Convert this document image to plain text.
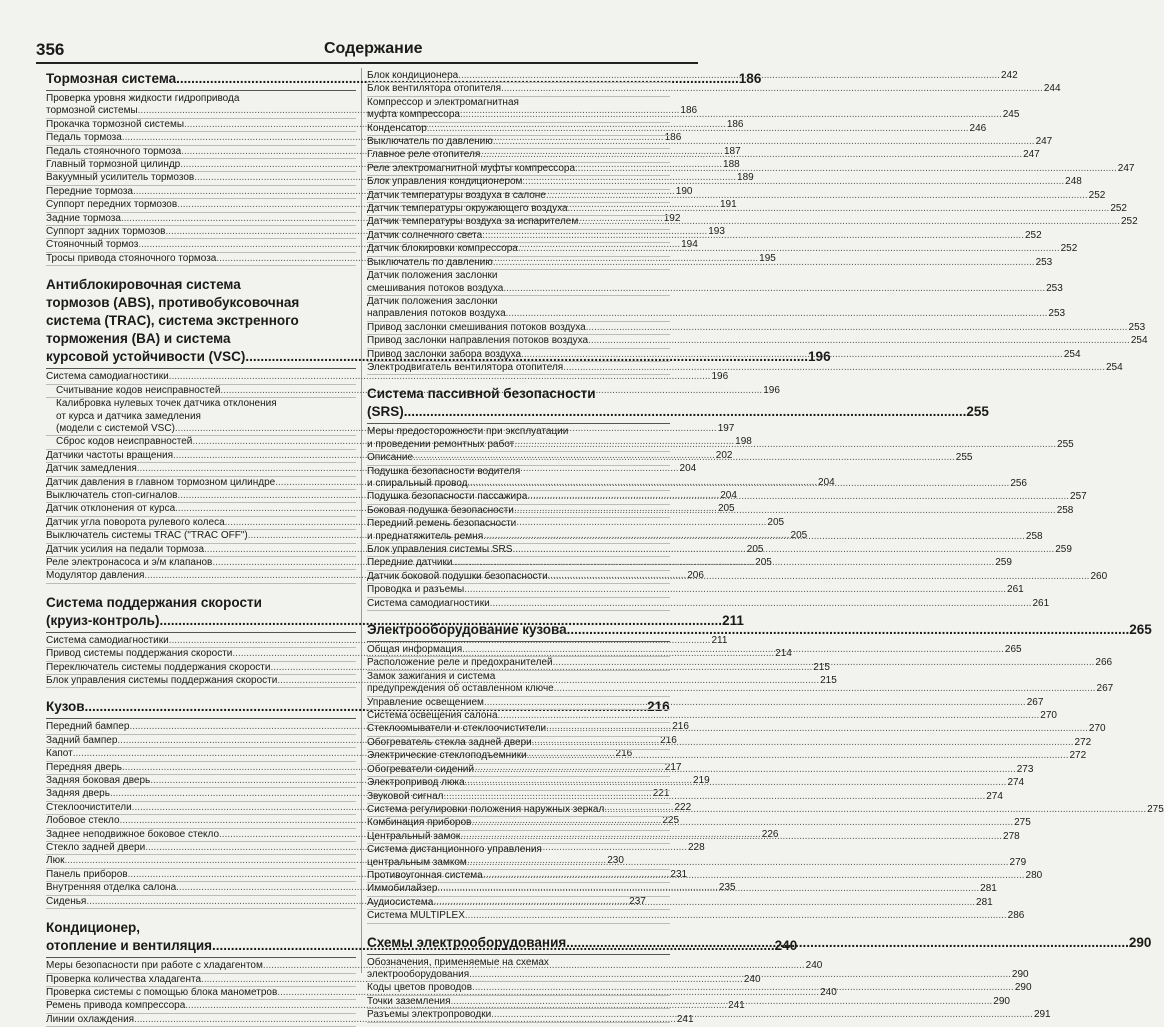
356	Содержание
Тормозная система .....	186
Проверка уровня жидкости гидропривода
тормозной системы .....	186
Прокачка тормозной системы .....	186
Педаль тормоза .....	186
Педаль стояночного тормоза .....	187
Главный тормозной цилиндр .....	188
Вакуумный усилитель тормозов .....	189
Передние тормоза .....	190
Суппорт передних тормозов .....	191
Задние тормоза .....	192
Суппорт задних тормозов .....	193
Стояночный тормоз .....	194
Тросы привода стояночного тормоза .....	195
Антиблокировочная система
тормозов (ABS), противобуксовочная
система (TRAC), система экстренного
торможения (BA) и система
курсовой устойчивости (VSC) .....	196
Система самодиагностики .....	196
Считывание кодов неисправностей .....	196
Калибровка нулевых точек датчика отклонения
от курса и датчика замедления
(модели с системой VSC) .....	197
Сброс кодов неисправностей .....	198
Датчики частоты вращения .....	202
Датчик замедления .....	204
Датчик давления в главном тормозном цилиндре .....	204
Выключатель стоп-сигналов .....	204
Датчик отклонения от курса .....	205
Датчик угла поворота рулевого колеса .....	205
Выключатель системы TRAC ("TRAC OFF") .....	205
Датчик усилия на педали тормоза .....	205
Реле электронасоса и э/м клапанов .....	205
Модулятор давления .....	206
Система поддержания скорости
(круиз-контроль) .....	211
Система самодиагностики .....	211
Привод системы поддержания скорости .....	214
Переключатель системы поддержания скорости .....	215
Блок управления системы поддержания скорости .....	215
Кузов .....	216
Передний бампер .....	216
Задний бампер .....	216
Капот .....	216
Передняя дверь .....	217
Задняя боковая дверь .....	219
Задняя дверь .....	221
Стеклоочистители .....	222
Лобовое стекло .....	225
Заднее неподвижное боковое стекло .....	226
Стекло задней двери .....	228
Люк .....	230
Панель приборов .....	231
Внутренняя отделка салона .....	235
Сиденья .....	237
Кондиционер,
отопление и вентиляция .....	240
Меры безопасности при работе с хладагентом .....	240
Проверка количества хладагента .....	240
Проверка системы с помощью блока манометров .....	240
Ремень привода компрессора .....	241
Линии охлаждения .....	241
Блок кондиционера .....	242
Блок вентилятора отопителя .....	244
Компрессор и электромагнитная
муфта компрессора .....	245
Конденсатор .....	246
Выключатель по давлению .....	247
Главное реле отопителя .....	247
Реле электромагнитной муфты компрессора .....	247
Блок управления кондиционером .....	248
Датчик температуры воздуха в салоне .....	252
Датчик температуры окружающего воздуха .....	252
Датчик температуры воздуха за испарителем .....	252
Датчик солнечного света .....	252
Датчик блокировки компрессора .....	252
Выключатель по давлению .....	253
Датчик положения заслонки
смешивания потоков воздуха .....	253
Датчик положения заслонки
направления потоков воздуха .....	253
Привод заслонки смешивания потоков воздуха .....	253
Привод заслонки направления потоков воздуха .....	254
Привод заслонки забора воздуха .....	254
Электродвигатель вентилятора отопителя .....	254
Система пассивной безопасности
(SRS) .....	255
Меры предосторожности при эксплуатации
и проведении ремонтных работ .....	255
Описание .....	255
Подушка безопасности водителя
и спиральный провод .....	256
Подушка безопасности пассажира .....	257
Боковая подушка безопасности .....	258
Передний ремень безопасности
и преднатяжитель ремня .....	258
Блок управления системы SRS .....	259
Передние датчики .....	259
Датчик боковой подушки безопасности .....	260
Проводка и разъемы .....	261
Система самодиагностики .....	261
Электрооборудование кузова .....	265
Общая информация .....	265
Расположение реле и предохранителей .....	266
Замок зажигания и система
предупреждения об оставленном ключе .....	267
Управление освещением .....	267
Система освещения салона .....	270
Стеклоомыватели и стеклоочистители .....	270
Обогреватель стекла задней двери .....	272
Электрические стеклоподъемники .....	272
Обогреватели сидений .....	273
Электропривод люка .....	274
Звуковой сигнал .....	274
Система регулировки положения наружных зеркал .....	275
Комбинация приборов .....	275
Центральный замок .....	278
Система дистанционного управления
центральным замком .....	279
Противоугонная система .....	280
Иммобилайзер .....	281
Аудиосистема .....	281
Система MULTIPLEX .....	286
Схемы электрооборудования .....	290
Обозначения, применяемые на схемах
электрооборудования .....	290
Коды цветов проводов .....	290
Точки заземления .....	290
Разъемы электропроводки .....	291
